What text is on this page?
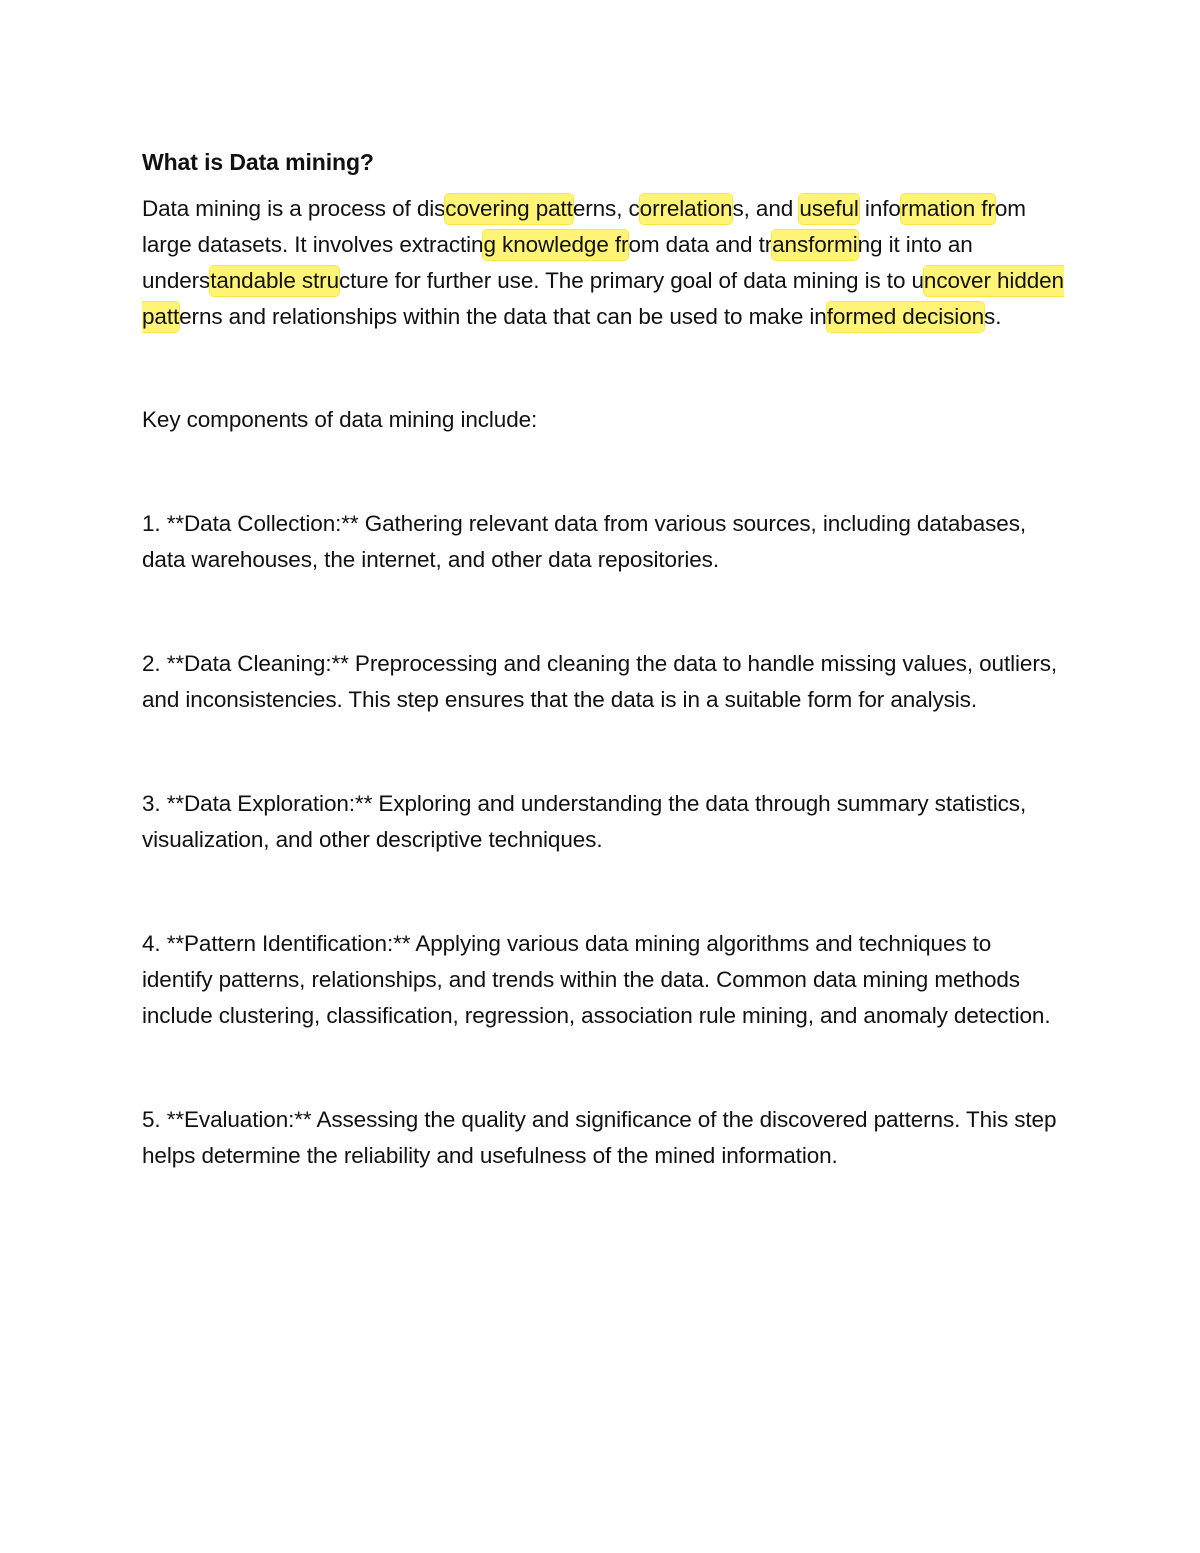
What is Data mining?

Data mining is a process of discovering patterns, correlations, and useful information from large datasets. It involves extracting knowledge from data and transforming it into an understandable structure for further use. The primary goal of data mining is to uncover hidden patterns and relationships within the data that can be used to make informed decisions.

Key components of data mining include:

1. **Data Collection:** Gathering relevant data from various sources, including databases, data warehouses, the internet, and other data repositories.

2. **Data Cleaning:** Preprocessing and cleaning the data to handle missing values, outliers, and inconsistencies. This step ensures that the data is in a suitable form for analysis.

3. **Data Exploration:** Exploring and understanding the data through summary statistics, visualization, and other descriptive techniques.

4. **Pattern Identification:** Applying various data mining algorithms and techniques to identify patterns, relationships, and trends within the data. Common data mining methods include clustering, classification, regression, association rule mining, and anomaly detection.

5. **Evaluation:** Assessing the quality and significance of the discovered patterns. This step helps determine the reliability and usefulness of the mined information.
